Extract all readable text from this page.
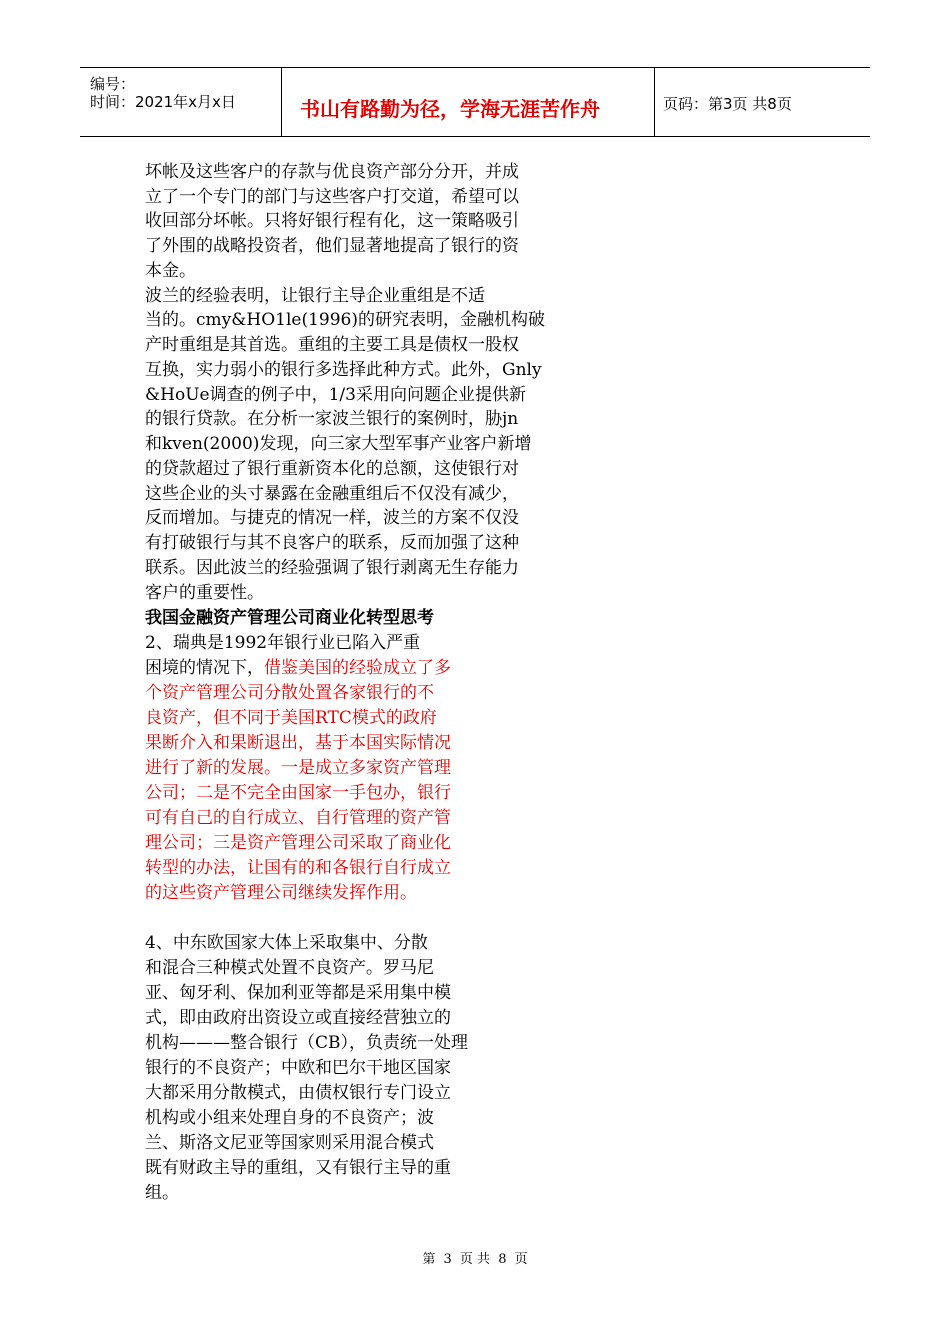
编号：
时间：2021年x月x日	书山有路勤为径，学海无涯苦作舟	页码：第3页 共8页
坏帐及这些客户的存款与优良资产部分分开，并成
立了一个专门的部门与这些客户打交道，希望可以
收回部分坏帐。只将好银行程有化，这一策略吸引
了外围的战略投资者，他们显著地提高了银行的资
本金。
波兰的经验表明，让银行主导企业重组是不适
当的。cmy&HO1le(1996)的研究表明，金融机构破
产时重组是其首选。重组的主要工具是债权一股权
互换，实力弱小的银行多选择此种方式。此外，Gnly
&HoUe调查的例子中，1/3采用向问题企业提供新
的银行贷款。在分析一家波兰银行的案例时，胁jn
和kven(2000)发现，向三家大型军事产业客户新增
的贷款超过了银行重新资本化的总额，这使银行对
这些企业的头寸暴露在金融重组后不仅没有减少，
反而增加。与捷克的情况一样，波兰的方案不仅没
有打破银行与其不良客户的联系，反而加强了这种
联系。因此波兰的经验强调了银行剥离无生存能力
客户的重要性。
我国金融资产管理公司商业化转型思考
2、瑞典是1992年银行业已陷入严重
困境的情况下，借鉴美国的经验成立了多
个资产管理公司分散处置各家银行的不
良资产，但不同于美国RTC模式的政府
果断介入和果断退出，基于本国实际情况
进行了新的发展。一是成立多家资产管理
公司；二是不完全由国家一手包办，银行
可有自己的自行成立、自行管理的资产管
理公司；三是资产管理公司采取了商业化
转型的办法，让国有的和各银行自行成立
的这些资产管理公司继续发挥作用。
4、中东欧国家大体上采取集中、分散
和混合三种模式处置不良资产。罗马尼
亚、匈牙利、保加利亚等都是采用集中模
式，即由政府出资设立或直接经营独立的
机构———整合银行（CB），负责统一处理
银行的不良资产；中欧和巴尔干地区国家
大都采用分散模式，由债权银行专门设立
机构或小组来处理自身的不良资产；波
兰、斯洛文尼亚等国家则采用混合模式
既有财政主导的重组，又有银行主导的重
组。
第 3 页 共 8 页
